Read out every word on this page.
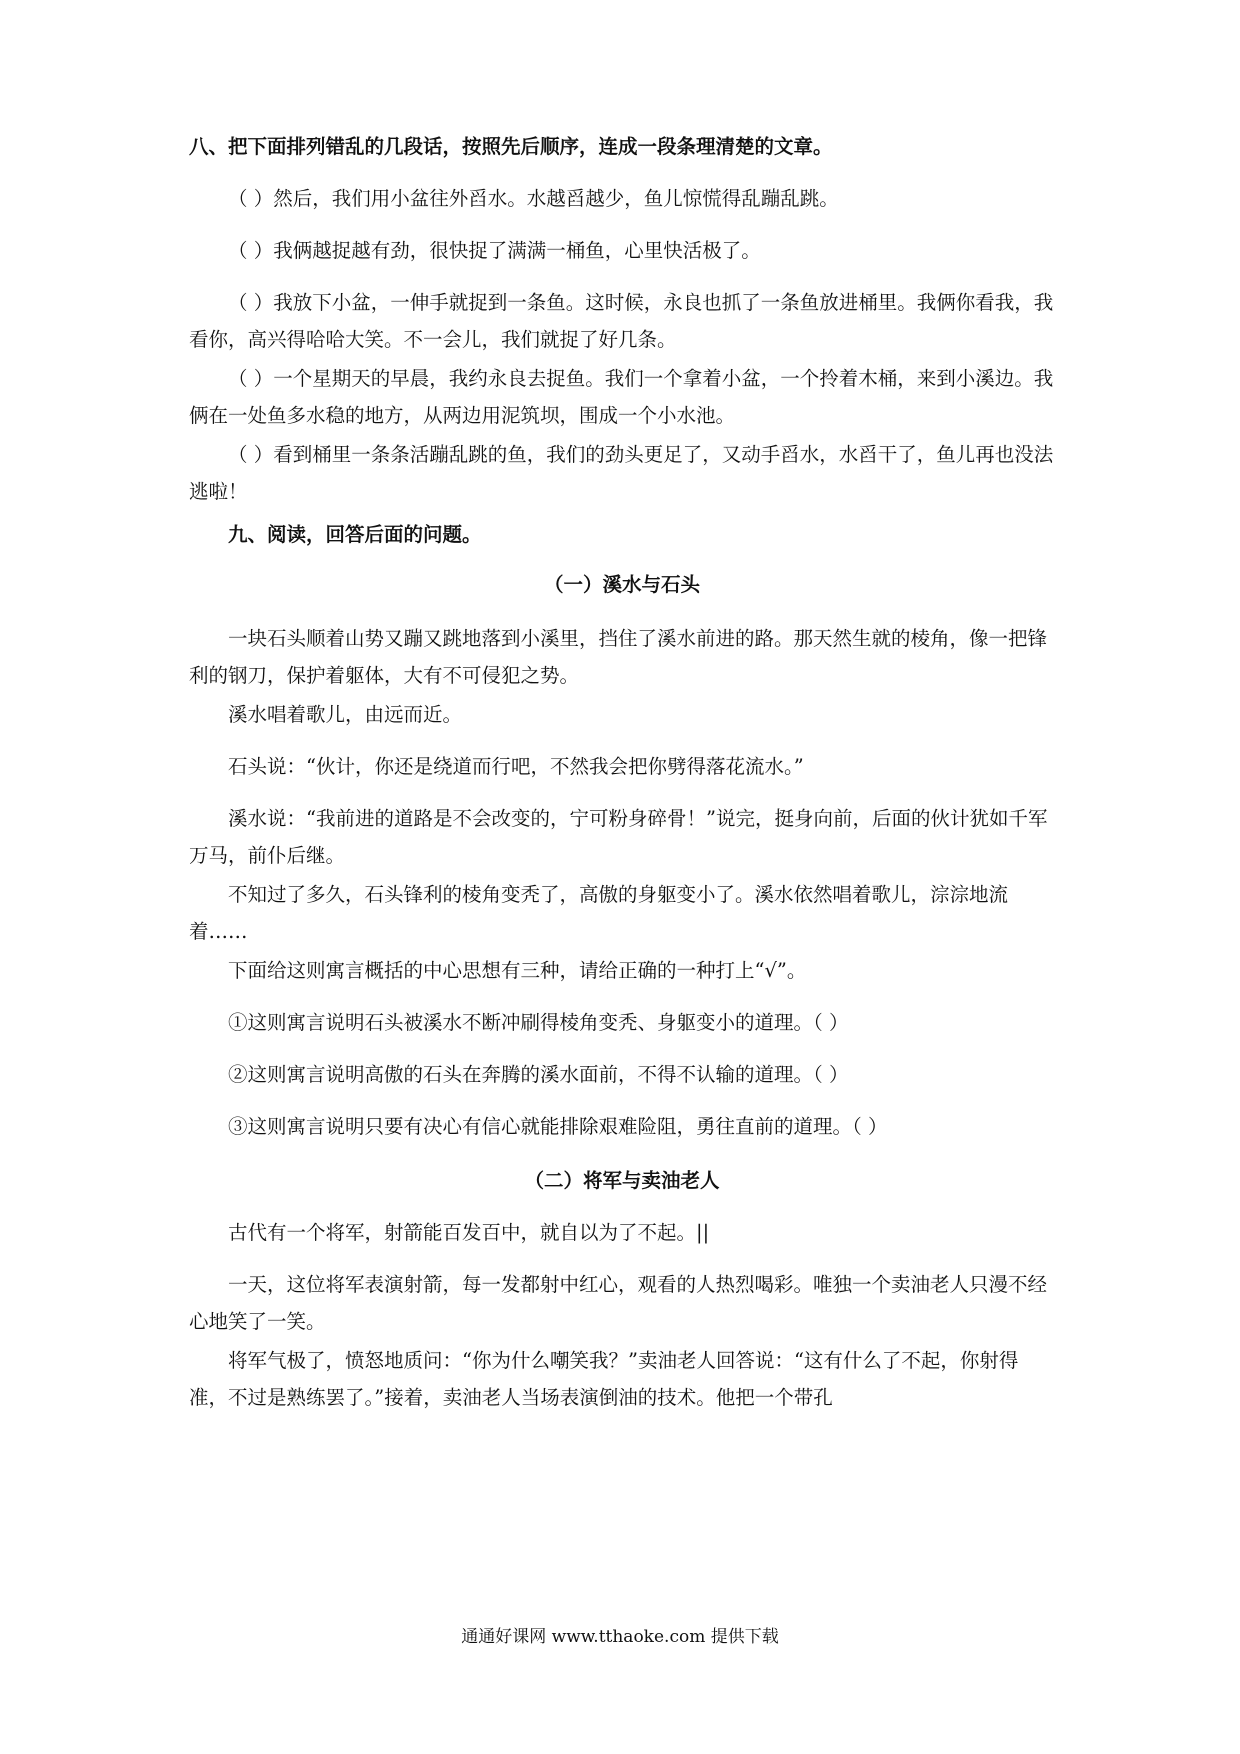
八、把下面排列错乱的几段话，按照先后顺序，连成一段条理清楚的文章。
（ ）然后，我们用小盆往外舀水。水越舀越少，鱼儿惊慌得乱蹦乱跳。
（ ）我俩越捉越有劲，很快捉了满满一桶鱼，心里快活极了。
（ ）我放下小盆，一伸手就捉到一条鱼。这时候，永良也抓了一条鱼放进桶里。我俩你看我，我看你，高兴得哈哈大笑。不一会儿，我们就捉了好几条。
（ ）一个星期天的早晨，我约永良去捉鱼。我们一个拿着小盆，一个拎着木桶，来到小溪边。我俩在一处鱼多水稳的地方，从两边用泥筑坝，围成一个小水池。
（ ）看到桶里一条条活蹦乱跳的鱼，我们的劲头更足了，又动手舀水，水舀干了，鱼儿再也没法逃啦！
九、阅读，回答后面的问题。
（一）溪水与石头
一块石头顺着山势又蹦又跳地落到小溪里，挡住了溪水前进的路。那天然生就的棱角，像一把锋利的钢刀，保护着躯体，大有不可侵犯之势。
溪水唱着歌儿，由远而近。
石头说：“伙计，你还是绕道而行吧，不然我会把你劈得落花流水。”
溪水说：“我前进的道路是不会改变的，宁可粉身碎骨！”说完，挺身向前，后面的伙计犹如千军万马，前仆后继。
不知过了多久，石头锋利的棱角变秃了，高傲的身躯变小了。溪水依然唱着歌儿，淙淙地流着……
下面给这则寓言概括的中心思想有三种，请给正确的一种打上“√”。
①这则寓言说明石头被溪水不断冲刷得棱角变秃、身躯变小的道理。（ ）
②这则寓言说明高傲的石头在奔腾的溪水面前，不得不认输的道理。（ ）
③这则寓言说明只要有决心有信心就能排除艰难险阻，勇往直前的道理。（ ）
（二）将军与卖油老人
古代有一个将军，射箭能百发百中，就自以为了不起。||
一天，这位将军表演射箭，每一发都射中红心，观看的人热烈喝彩。唯独一个卖油老人只漫不经心地笑了一笑。
将军气极了，愤怒地质问：“你为什么嘲笑我？”卖油老人回答说：“这有什么了不起，你射得准，不过是熟练罢了。”接着，卖油老人当场表演倒油的技术。他把一个带孔
通通好课网 www.tthaoke.com 提供下载
